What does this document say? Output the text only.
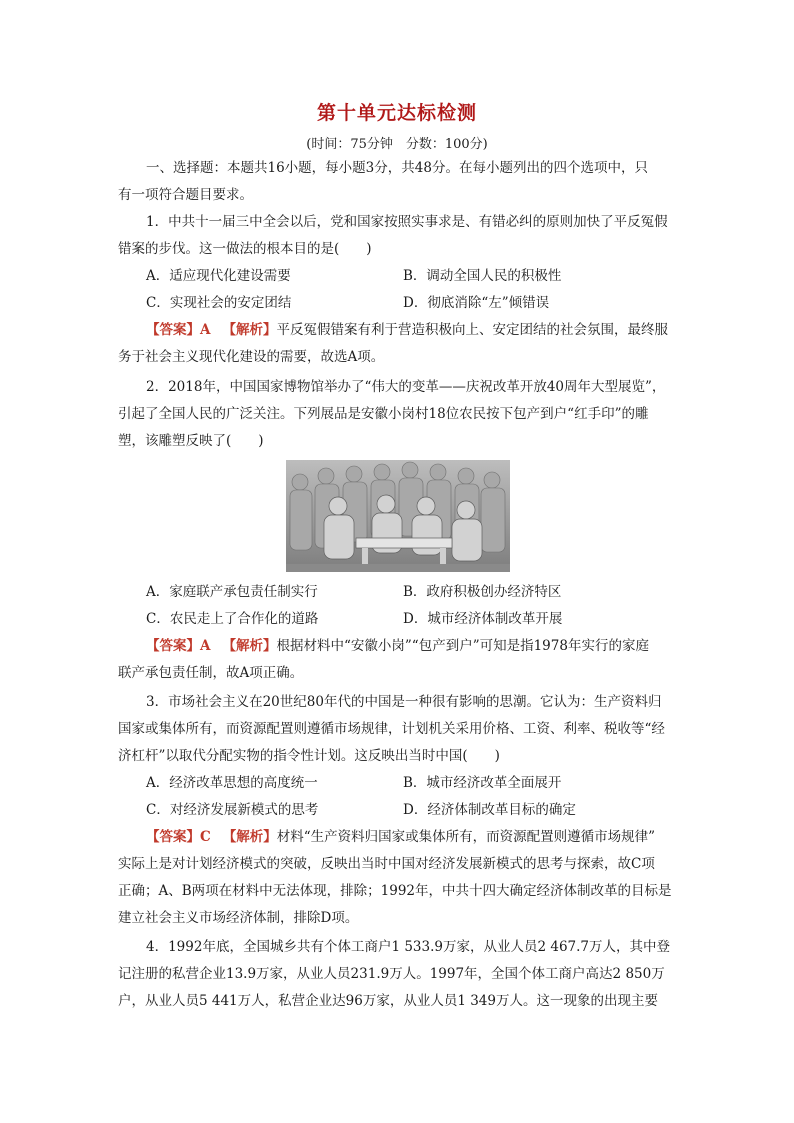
第十单元达标检测
(时间：75分钟　分数：100分)
一、选择题：本题共16小题，每小题3分，共48分。在每小题列出的四个选项中，只
有一项符合题目要求。
1．中共十一届三中全会以后，党和国家按照实事求是、有错必纠的原则加快了平反冤假
错案的步伐。这一做法的根本目的是(　　)
A．适应现代化建设需要	B．调动全国人民的积极性
C．实现社会的安定团结	D．彻底消除“左”倾错误
【答案】A 【解析】平反冤假错案有利于营造积极向上、安定团结的社会氛围，最终服
务于社会主义现代化建设的需要，故选A项。
2．2018年，中国国家博物馆举办了“伟大的变革——庆祝改革开放40周年大型展览”，
引起了全国人民的广泛关注。下列展品是安徽小岗村18位农民按下包产到户“红手印”的雕
塑，该雕塑反映了(　　)
A．家庭联产承包责任制实行	B．政府积极创办经济特区
C．农民走上了合作化的道路	D．城市经济体制改革开展
【答案】A 【解析】根据材料中“安徽小岗”“包产到户”可知是指1978年实行的家庭
联产承包责任制，故A项正确。
3．市场社会主义在20世纪80年代的中国是一种很有影响的思潮。它认为：生产资料归
国家或集体所有，而资源配置则遵循市场规律，计划机关采用价格、工资、利率、税收等“经
济杠杆”以取代分配实物的指令性计划。这反映出当时中国(　　)
A．经济改革思想的高度统一	B．城市经济改革全面展开
C．对经济发展新模式的思考	D．经济体制改革目标的确定
【答案】C 【解析】材料“生产资料归国家或集体所有，而资源配置则遵循市场规律”
实际上是对计划经济模式的突破，反映出当时中国对经济发展新模式的思考与探索，故C项
正确；A、B两项在材料中无法体现，排除；1992年，中共十四大确定经济体制改革的目标是
建立社会主义市场经济体制，排除D项。
4．1992年底，全国城乡共有个体工商户1 533.9万家，从业人员2 467.7万人，其中登
记注册的私营企业13.9万家，从业人员231.9万人。1997年，全国个体工商户高达2 850万
户，从业人员5 441万人，私营企业达96万家，从业人员1 349万人。这一现象的出现主要
